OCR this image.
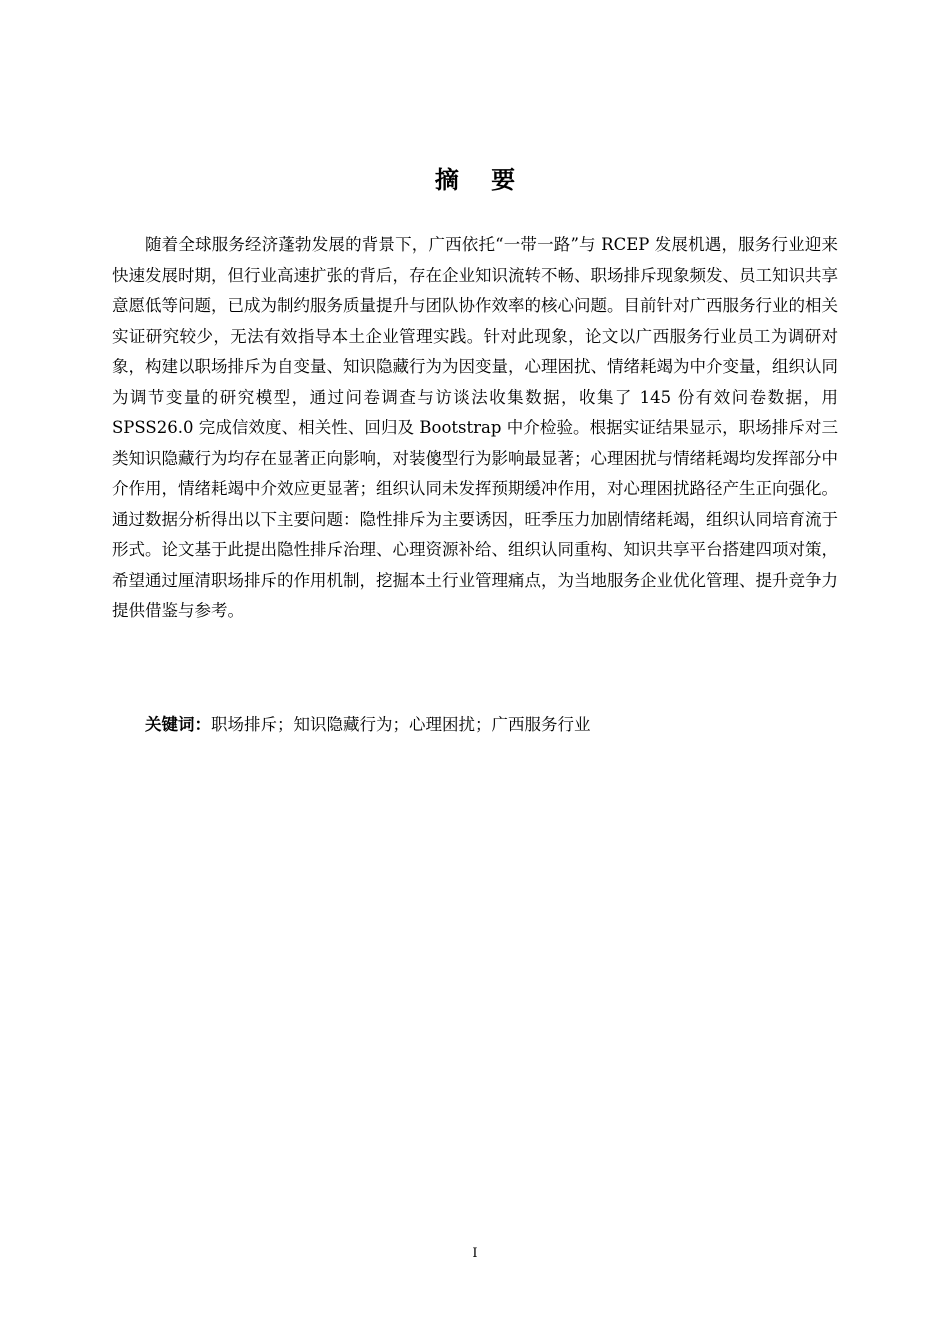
摘 要

随着全球服务经济蓬勃发展的背景下，广西依托“一带一路”与 RCEP 发展机遇，服务行业迎来快速发展时期，但行业高速扩张的背后，存在企业知识流转不畅、职场排斥现象频发、员工知识共享意愿低等问题，已成为制约服务质量提升与团队协作效率的核心问题。目前针对广西服务行业的相关实证研究较少，无法有效指导本土企业管理实践。针对此现象，论文以广西服务行业员工为调研对象，构建以职场排斥为自变量、知识隐藏行为为因变量，心理困扰、情绪耗竭为中介变量，组织认同为调节变量的研究模型，通过问卷调查与访谈法收集数据，收集了 145 份有效问卷数据，用 SPSS26.0 完成信效度、相关性、回归及 Bootstrap 中介检验。根据实证结果显示，职场排斥对三类知识隐藏行为均存在显著正向影响，对装傻型行为影响最显著；心理困扰与情绪耗竭均发挥部分中介作用，情绪耗竭中介效应更显著；组织认同未发挥预期缓冲作用，对心理困扰路径产生正向强化。通过数据分析得出以下主要问题：隐性排斥为主要诱因，旺季压力加剧情绪耗竭，组织认同培育流于形式。论文基于此提出隐性排斥治理、心理资源补给、组织认同重构、知识共享平台搭建四项对策，希望通过厘清职场排斥的作用机制，挖掘本土行业管理痛点，为当地服务企业优化管理、提升竞争力提供借鉴与参考。

关键词：职场排斥；知识隐藏行为；心理困扰；广西服务行业
I
